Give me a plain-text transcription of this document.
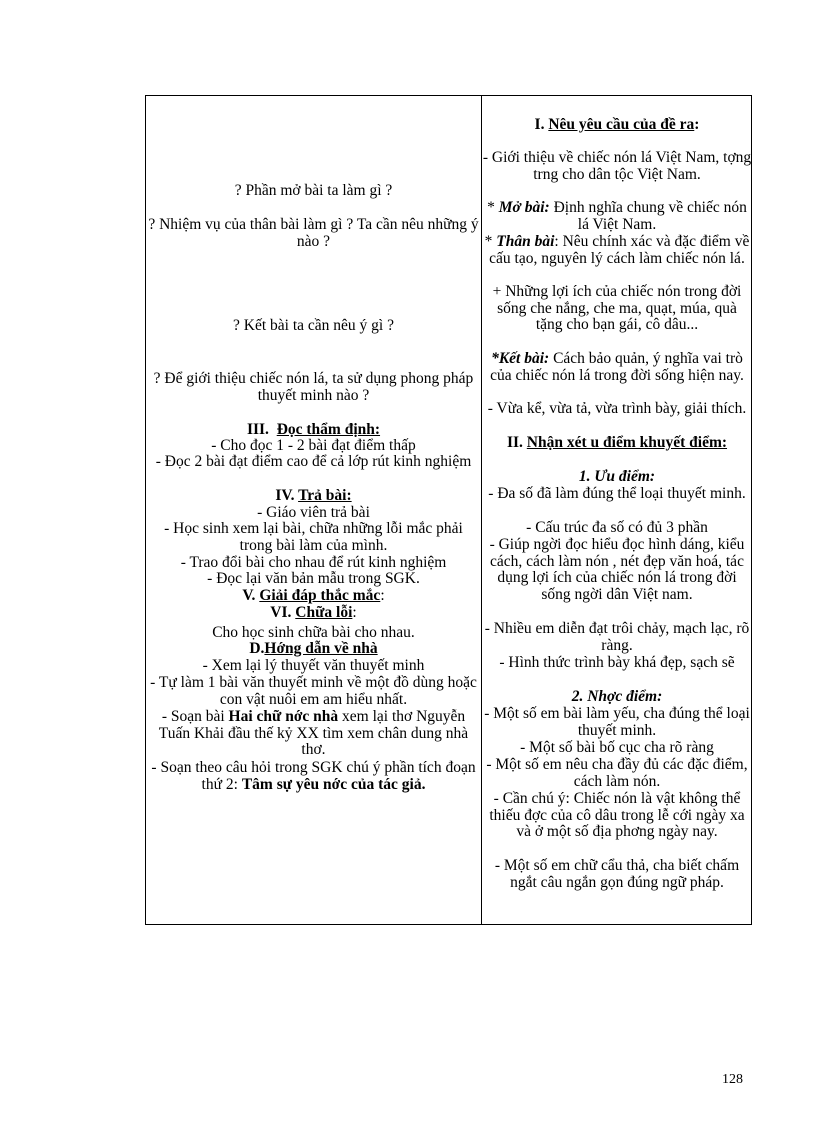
? Phần mở bài ta làm gì ?

? Nhiệm vụ của thân bài làm gì ? Ta cần nêu những ý nào ?

? Kết bài ta cần nêu ý gì ?

? Để giới thiệu chiếc nón lá, ta sử dụng phong pháp thuyết minh nào ?

III. Đọc thẩm định:

- Cho đọc 1 - 2 bài đạt điểm thấp

- Đọc 2 bài đạt điểm cao để cả lớp rút kinh nghiệm

IV. Trả bài:

- Giáo viên trả bài

- Học sinh xem lại bài, chữa những lỗi mắc phải trong bài làm của mình.

- Trao đổi bài cho nhau để rút kinh nghiệm

- Đọc lại văn bản mẫu trong SGK.

V. Giải đáp thắc mắc:

VI. Chữa lỗi:

Cho học sinh chữa bài cho nhau.

D.Hớng dẫn về nhà

- Xem lại lý thuyết văn thuyết minh

- Tự làm 1 bài văn thuyết minh về một đồ dùng hoặc con vật nuôi em am hiểu nhất.

- Soạn bài Hai chữ nớc nhà xem lại thơ Nguyễn Tuấn Khải đầu thế kỷ XX tìm xem chân dung nhà thơ.

- Soạn theo câu hỏi trong SGK chú ý phần tích đoạn thứ 2: Tâm sự yêu nớc của tác giả.

I. Nêu yêu cầu của đề ra:

- Giới thiệu về chiếc nón lá Việt Nam, tợng trng cho dân tộc Việt Nam.

* Mở bài: Định nghĩa chung về chiếc nón lá Việt Nam.

* Thân bài: Nêu chính xác và đặc điểm về cấu tạo, nguyên lý cách làm chiếc nón lá.

+ Những lợi ích của chiếc nón trong đời sống che nắng, che ma, quạt, múa, quà tặng cho bạn gái, cô dâu...

*Kết bài: Cách bảo quản, ý nghĩa vai trò của chiếc nón lá trong đời sống hiện nay.

- Vừa kể, vừa tả, vừa trình bày, giải thích.

II. Nhận xét u điểm khuyết điểm:

1. Ưu điểm:

- Đa số đã làm đúng thể loại thuyết minh.

- Cấu trúc đa số có đủ 3 phần

- Giúp ngời đọc hiểu đọc hình dáng, kiểu cách, cách làm nón , nét đẹp văn hoá, tác dụng lợi ích của chiếc nón lá trong đời sống ngời dân Việt nam.

- Nhiều em diễn đạt trôi chảy, mạch lạc, rõ ràng.

- Hình thức trình bày khá đẹp, sạch sẽ

2. Nhợc điểm:

- Một số em bài làm yếu, cha đúng thể loại thuyết minh.

- Một số bài bố cục cha rõ ràng

- Một số em nêu cha đầy đủ các đặc điểm, cách làm nón.

- Cần chú ý: Chiếc nón là vật không thể thiếu đợc của cô dâu trong lễ cới ngày xa và ở một số địa phơng ngày nay.

- Một số em chữ cẩu thả, cha biết chấm ngắt câu ngắn gọn đúng ngữ pháp.

128
